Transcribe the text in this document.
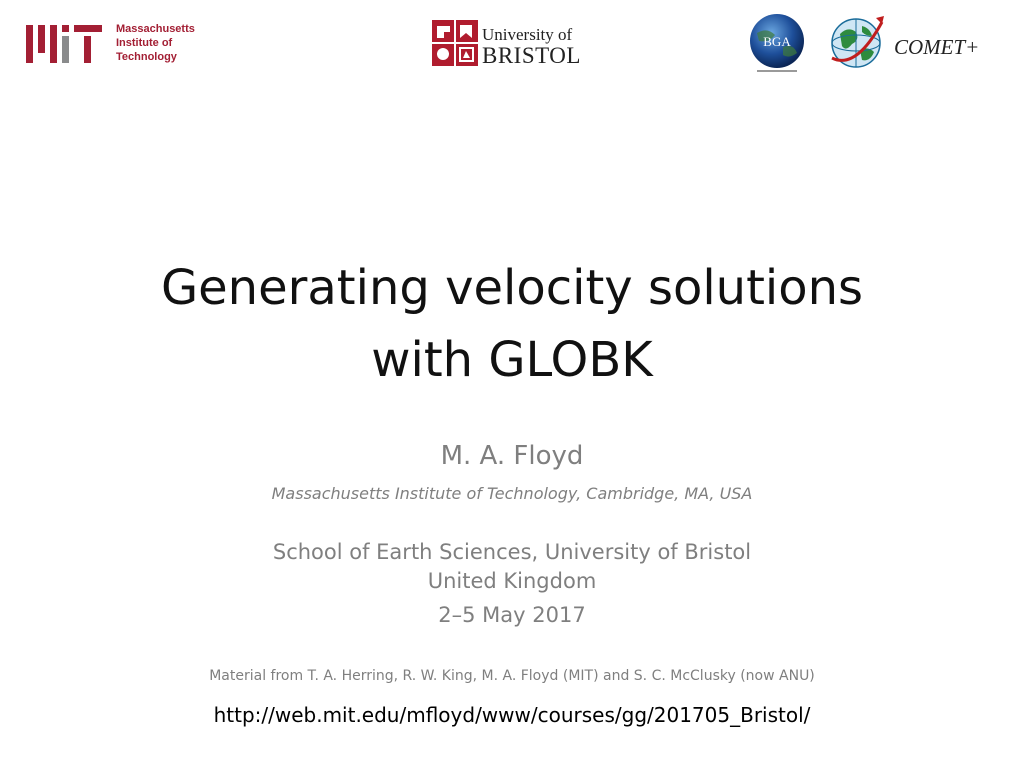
Massachusetts
Institute of
Technology
University of
BRISTOL
BGA	COMET+
Generating velocity solutions
with GLOBK
M. A. Floyd
Massachusetts Institute of Technology, Cambridge, MA, USA
School of Earth Sciences, University of Bristol
United Kingdom
2–5 May 2017
Material from T. A. Herring, R. W. King, M. A. Floyd (MIT) and S. C. McClusky (now ANU)
http://web.mit.edu/mfloyd/www/courses/gg/201705_Bristol/
